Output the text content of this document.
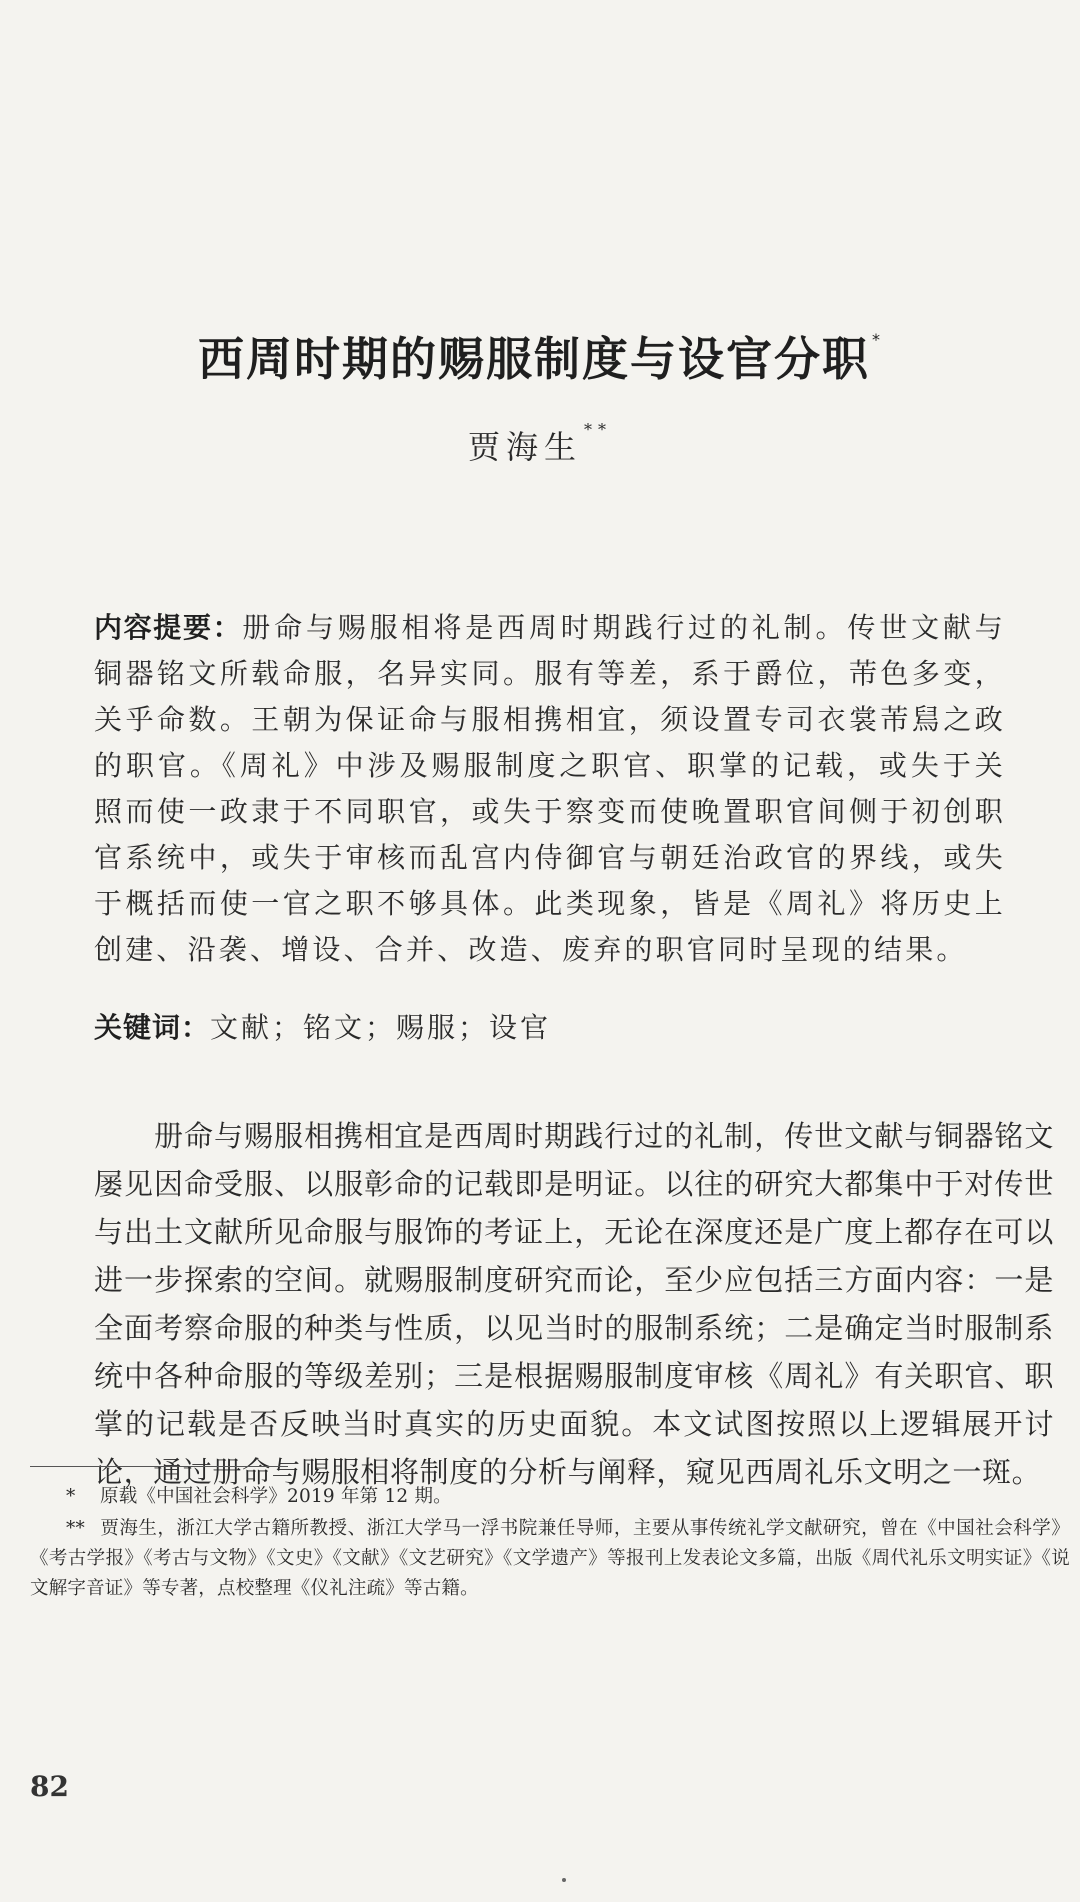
西周时期的赐服制度与设官分职 *
贾海生 **
内容提要：册命与赐服相将是西周时期践行过的礼制。传世文献与铜器铭文所载命服，名异实同。服有等差，系于爵位，芾色多变，关乎命数。王朝为保证命与服相携相宜，须设置专司衣裳芾舃之政的职官。《周礼》中涉及赐服制度之职官、职掌的记载，或失于关照而使一政隶于不同职官，或失于察变而使晚置职官间侧于初创职官系统中，或失于审核而乱宫内侍御官与朝廷治政官的界线，或失于概括而使一官之职不够具体。此类现象，皆是《周礼》将历史上创建、沿袭、增设、合并、改造、废弃的职官同时呈现的结果。
关键词：文献；铭文；赐服；设官

册命与赐服相携相宜是西周时期践行过的礼制，传世文献与铜器铭文屡见因命受服、以服彰命的记载即是明证。以往的研究大都集中于对传世与出土文献所见命服与服饰的考证上，无论在深度还是广度上都存在可以进一步探索的空间。就赐服制度研究而论，至少应包括三方面内容：一是全面考察命服的种类与性质，以见当时的服制系统；二是确定当时服制系统中各种命服的等级差别；三是根据赐服制度审核《周礼》有关职官、职掌的记载是否反映当时真实的历史面貌。本文试图按照以上逻辑展开讨论，通过册命与赐服相将制度的分析与阐释，窥见西周礼乐文明之一斑。

* 原载《中国社会科学》2019 年第 12 期。

** 贾海生，浙江大学古籍所教授、浙江大学马一浮书院兼任导师，主要从事传统礼学文献研究，曾在《中国社会科学》《考古学报》《考古与文物》《文史》《文献》《文艺研究》《文学遗产》等报刊上发表论文多篇，出版《周代礼乐文明实证》《说文解字音证》等专著，点校整理《仪礼注疏》等古籍。

82
